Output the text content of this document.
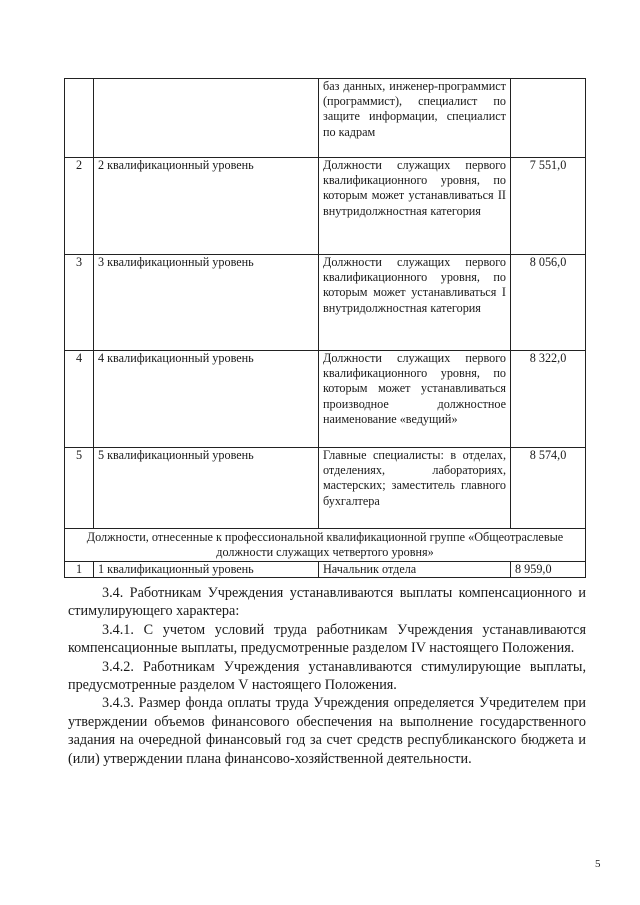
		баз данных, инженер-программист (программист), специалист по защите информации, специалист по кадрам	
2	2 квалификационный уровень	Должности служащих первого квалификационного уровня, по которым может устанавливаться II внутридолжностная категория	7 551,0
3	3 квалификационный уровень	Должности служащих первого квалификационного уровня, по которым может устанавливаться I внутридолжностная категория	8 056,0
4	4 квалификационный уровень	Должности служащих первого квалификационного уровня, по которым может устанавливаться производное должностное наименование «ведущий»	8 322,0
5	5 квалификационный уровень	Главные специалисты: в отделах, отделениях, лабораториях, мастерских; заместитель главного бухгалтера	8 574,0
Должности, отнесенные к профессиональной квалификационной группе «Общеотраслевые должности служащих четвертого уровня»			
1	1 квалификационный уровень	Начальник отдела	8 959,0

3.4. Работникам Учреждения устанавливаются выплаты компенсационного и стимулирующего характера:

3.4.1. С учетом условий труда работникам Учреждения устанавливаются компенсационные выплаты, предусмотренные разделом IV настоящего Положения.

3.4.2. Работникам Учреждения устанавливаются стимулирующие выплаты, предусмотренные разделом V настоящего Положения.

3.4.3. Размер фонда оплаты труда Учреждения определяется Учредителем при утверждении объемов финансового обеспечения на выполнение государственного задания на очередной финансовый год за счет средств республиканского бюджета и (или) утверждении плана финансово-хозяйственной деятельности.

5
